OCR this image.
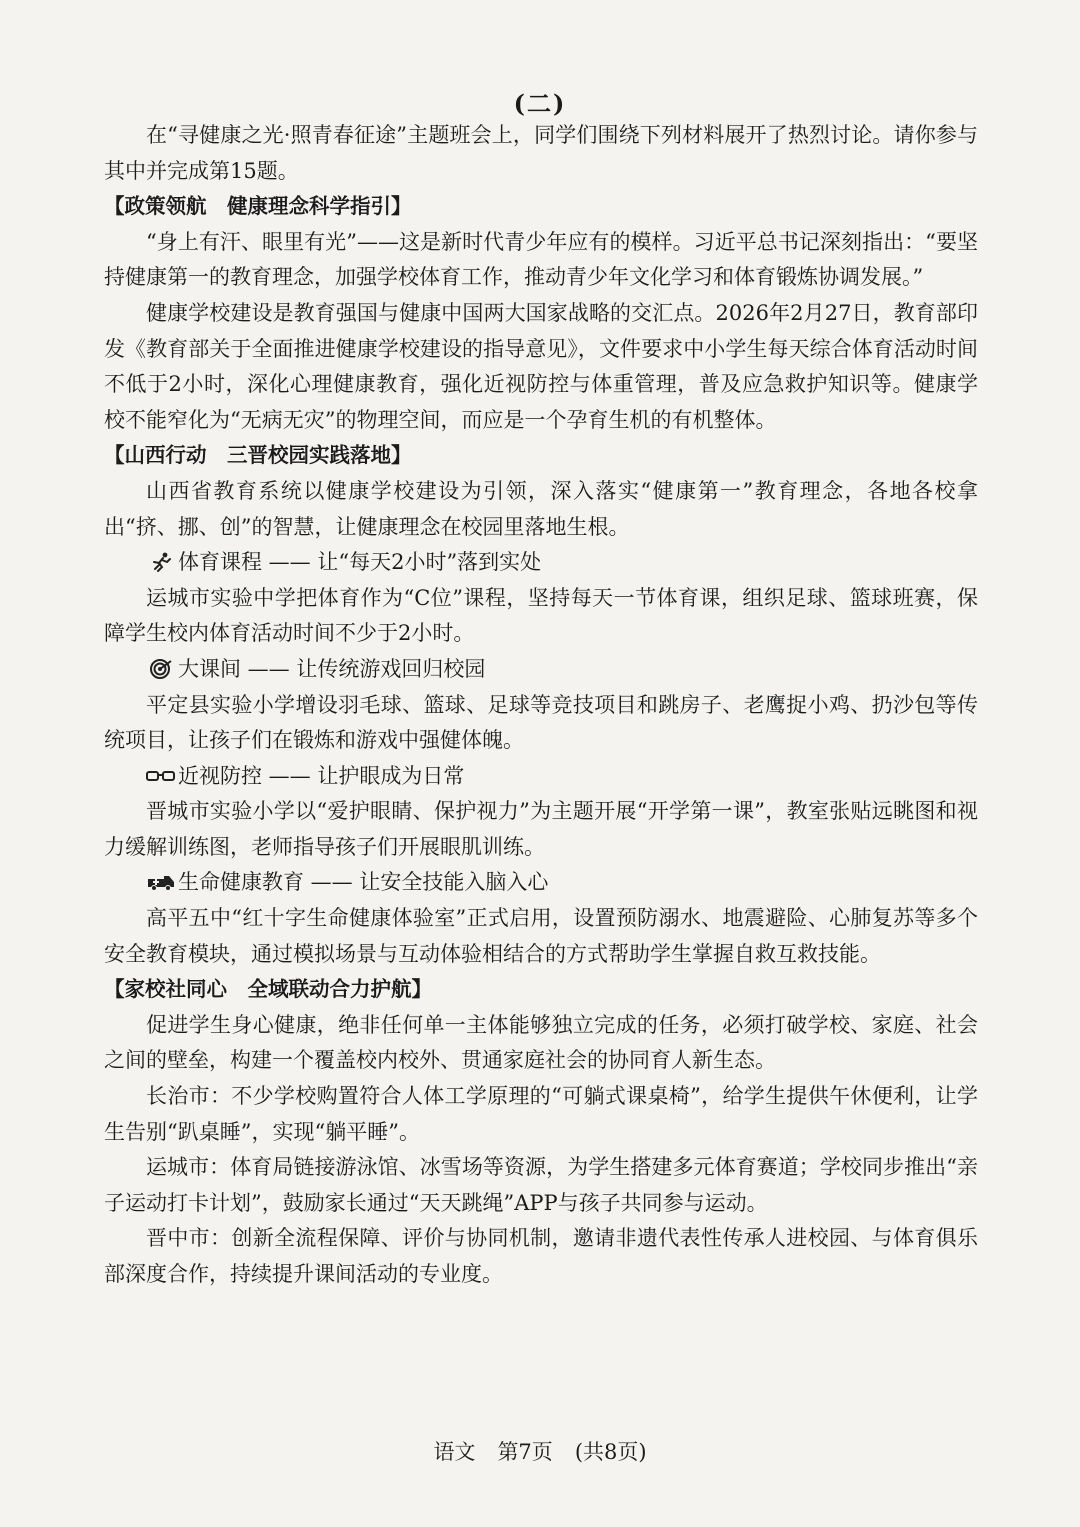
(二)

在“寻健康之光·照青春征途”主题班会上，同学们围绕下列材料展开了热烈讨论。请你参与其中并完成第15题。

【政策领航　健康理念科学指引】

“身上有汗、眼里有光”——这是新时代青少年应有的模样。习近平总书记深刻指出：“要坚持健康第一的教育理念，加强学校体育工作，推动青少年文化学习和体育锻炼协调发展。”

健康学校建设是教育强国与健康中国两大国家战略的交汇点。2026年2月27日，教育部印发《教育部关于全面推进健康学校建设的指导意见》，文件要求中小学生每天综合体育活动时间不低于2小时，深化心理健康教育，强化近视防控与体重管理，普及应急救护知识等。健康学校不能窄化为“无病无灾”的物理空间，而应是一个孕育生机的有机整体。

【山西行动　三晋校园实践落地】

山西省教育系统以健康学校建设为引领，深入落实“健康第一”教育理念，各地各校拿出“挤、挪、创”的智慧，让健康理念在校园里落地生根。

体育课程 —— 让“每天2小时”落到实处

运城市实验中学把体育作为“C位”课程，坚持每天一节体育课，组织足球、篮球班赛，保障学生校内体育活动时间不少于2小时。

大课间 —— 让传统游戏回归校园

平定县实验小学增设羽毛球、篮球、足球等竞技项目和跳房子、老鹰捉小鸡、扔沙包等传统项目，让孩子们在锻炼和游戏中强健体魄。

近视防控 —— 让护眼成为日常

晋城市实验小学以“爱护眼睛、保护视力”为主题开展“开学第一课”，教室张贴远眺图和视力缓解训练图，老师指导孩子们开展眼肌训练。

生命健康教育 —— 让安全技能入脑入心

高平五中“红十字生命健康体验室”正式启用，设置预防溺水、地震避险、心肺复苏等多个安全教育模块，通过模拟场景与互动体验相结合的方式帮助学生掌握自救互救技能。

【家校社同心　全域联动合力护航】

促进学生身心健康，绝非任何单一主体能够独立完成的任务，必须打破学校、家庭、社会之间的壁垒，构建一个覆盖校内校外、贯通家庭社会的协同育人新生态。

长治市：不少学校购置符合人体工学原理的“可躺式课桌椅”，给学生提供午休便利，让学生告别“趴桌睡”，实现“躺平睡”。

运城市：体育局链接游泳馆、冰雪场等资源，为学生搭建多元体育赛道；学校同步推出“亲子运动打卡计划”，鼓励家长通过“天天跳绳”APP与孩子共同参与运动。

晋中市：创新全流程保障、评价与协同机制，邀请非遗代表性传承人进校园、与体育俱乐部深度合作，持续提升课间活动的专业度。

语文 第7页 (共8页)
